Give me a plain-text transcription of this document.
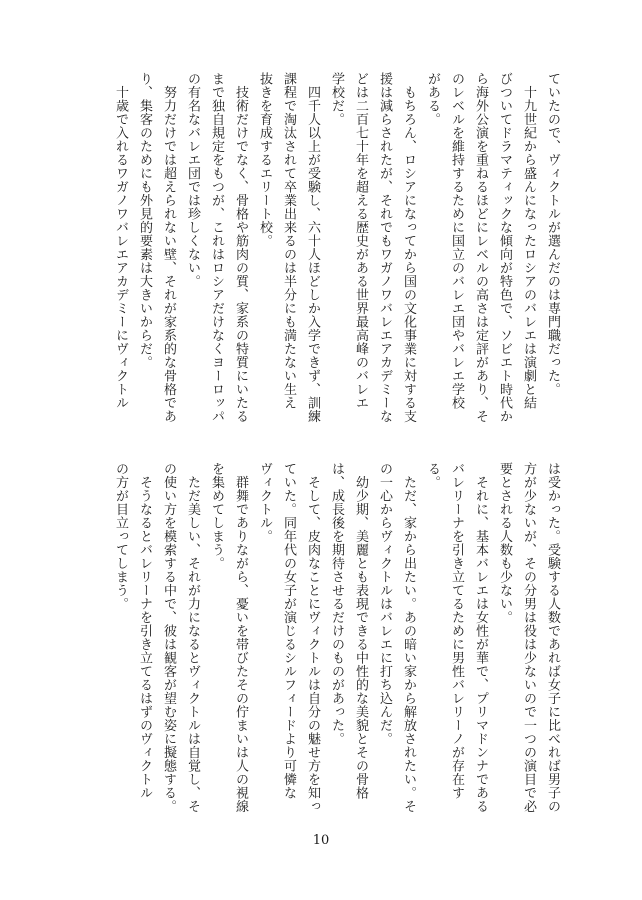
ていたので、ヴィクトルが選んだのは専門職だった。
　十九世紀から盛んになったロシアのバレエは演劇と結
びついてドラマティックな傾向が特色で、ソビエト時代か
ら海外公演を重ねるほどにレベルの高さは定評があり、そ
のレベルを維持するために国立のバレエ団やバレエ学校
がある。
　もちろん、ロシアになってから国の文化事業に対する支
援は減らされたが、それでもワガノワバレエアカデミーな
どは二百七十年を超える歴史がある世界最高峰のバレエ
学校だ。
　四千人以上が受験し、六十人ほどしか入学できず、訓練
課程で淘汰されて卒業出来るのは半分にも満たない生え
抜きを育成するエリート校。
　技術だけでなく、骨格や筋肉の質、家系の特質にいたる
まで独自規定をもつが、これはロシアだけなくヨーロッパ
の有名なバレエ団では珍しくない。
　努力だけでは超えられない壁、それが家系的な骨格であ
り、集客のためにも外見的要素は大きいからだ。
　十歳で入れるワガノワバレエアカデミーにヴィクトル
は受かった。受験する人数であれば女子に比べれば男子の
方が少ないが、その分男は役は少ないので一つの演目で必
要とされる人数も少ない。
　それに、基本バレエは女性が華で、プリマドンナである
バレリーナを引き立てるために男性バレリーノが存在す
る。
　ただ、家から出たい。あの暗い家から解放されたい。そ
の一心からヴィクトルはバレエに打ち込んだ。
　幼少期、美麗とも表現できる中性的な美貌とその骨格
は、成長後を期待させるだけのものがあった。
　そして、皮肉なことにヴィクトルは自分の魅せ方を知っ
ていた。同年代の女子が演じるシルフィードより可憐な
ヴィクトル。
　群舞でありながら、憂いを帯びたその佇まいは人の視線
を集めてしまう。
　ただ美しい、それが力になるとヴィクトルは自覚し、そ
の使い方を模索する中で、彼は観客が望む姿に擬態する。
　そうなるとバレリーナを引き立てるはずのヴィクトル
の方が目立ってしまう。
10
